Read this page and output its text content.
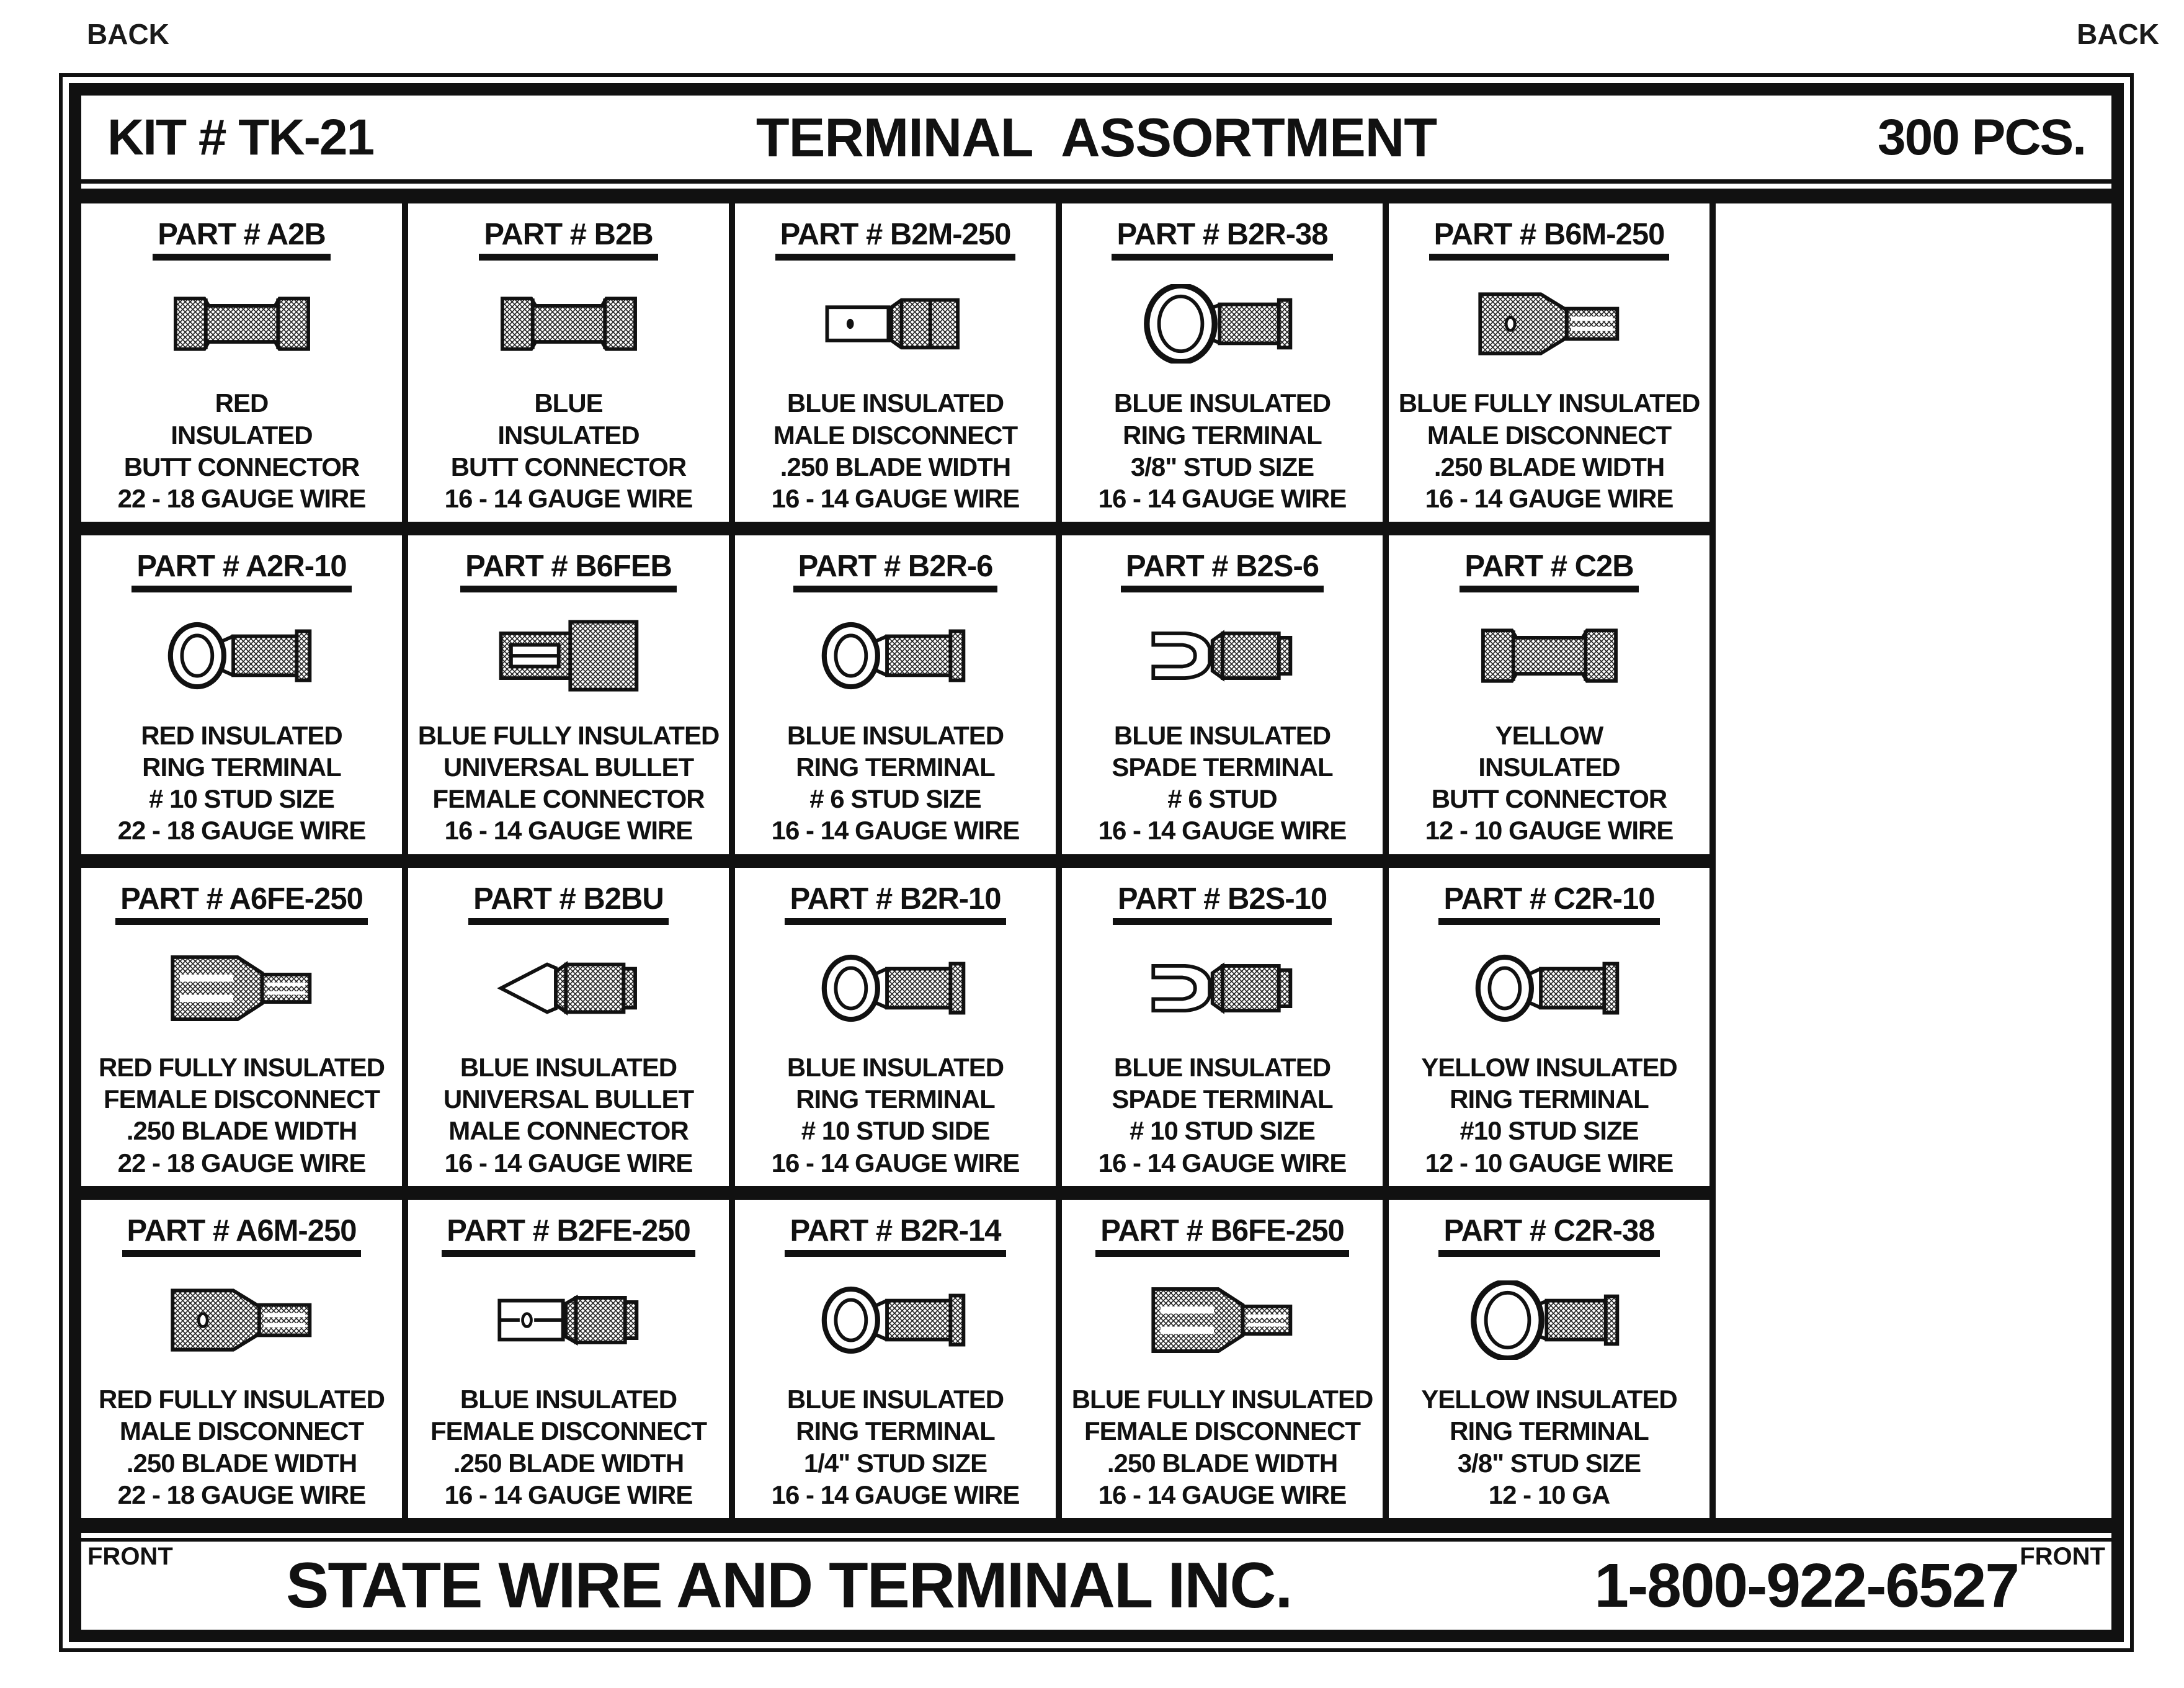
BACK	BACK
KIT # TK-21	TERMINAL ASSORTMENT	300 PCS.
PART # A2B
RED
INSULATED
BUTT CONNECTOR
22 - 18 GAUGE WIRE
PART # B2B
BLUE
INSULATED
BUTT CONNECTOR
16 - 14 GAUGE WIRE
PART # B2M-250
BLUE INSULATED
MALE DISCONNECT
.250 BLADE WIDTH
16 - 14 GAUGE WIRE
PART # B2R-38
BLUE INSULATED
RING TERMINAL
3/8" STUD SIZE
16 - 14 GAUGE WIRE
PART # B6M-250
BLUE FULLY INSULATED
MALE DISCONNECT
.250 BLADE WIDTH
16 - 14 GAUGE WIRE
PART # A2R-10
RED INSULATED
RING TERMINAL
# 10 STUD SIZE
22 - 18 GAUGE WIRE
PART # B6FEB
BLUE FULLY INSULATED
UNIVERSAL BULLET
FEMALE CONNECTOR
16 - 14 GAUGE WIRE
PART # B2R-6
BLUE INSULATED
RING TERMINAL
# 6 STUD SIZE
16 - 14 GAUGE WIRE
PART # B2S-6
BLUE INSULATED
SPADE TERMINAL
# 6 STUD
16 - 14 GAUGE WIRE
PART # C2B
YELLOW
INSULATED
BUTT CONNECTOR
12 - 10 GAUGE WIRE
PART # A6FE-250
RED FULLY INSULATED
FEMALE DISCONNECT
.250 BLADE WIDTH
22 - 18 GAUGE WIRE
PART # B2BU
BLUE INSULATED
UNIVERSAL BULLET
MALE CONNECTOR
16 - 14 GAUGE WIRE
PART # B2R-10
BLUE INSULATED
RING TERMINAL
# 10 STUD SIDE
16 - 14 GAUGE WIRE
PART # B2S-10
BLUE INSULATED
SPADE TERMINAL
# 10 STUD SIZE
16 - 14 GAUGE WIRE
PART # C2R-10
YELLOW INSULATED
RING TERMINAL
#10 STUD SIZE
12 - 10 GAUGE WIRE
PART # A6M-250
RED FULLY INSULATED
MALE DISCONNECT
.250 BLADE WIDTH
22 - 18 GAUGE WIRE
PART # B2FE-250
BLUE INSULATED
FEMALE DISCONNECT
.250 BLADE WIDTH
16 - 14 GAUGE WIRE
PART # B2R-14
BLUE INSULATED
RING TERMINAL
1/4" STUD SIZE
16 - 14 GAUGE WIRE
PART # B6FE-250
BLUE FULLY INSULATED
FEMALE DISCONNECT
.250 BLADE WIDTH
16 - 14 GAUGE WIRE
PART # C2R-38
YELLOW INSULATED
RING TERMINAL
3/8" STUD SIZE
12 - 10 GA
FRONT STATE WIRE AND TERMINAL INC.	1-800-922-6527 FRONT
